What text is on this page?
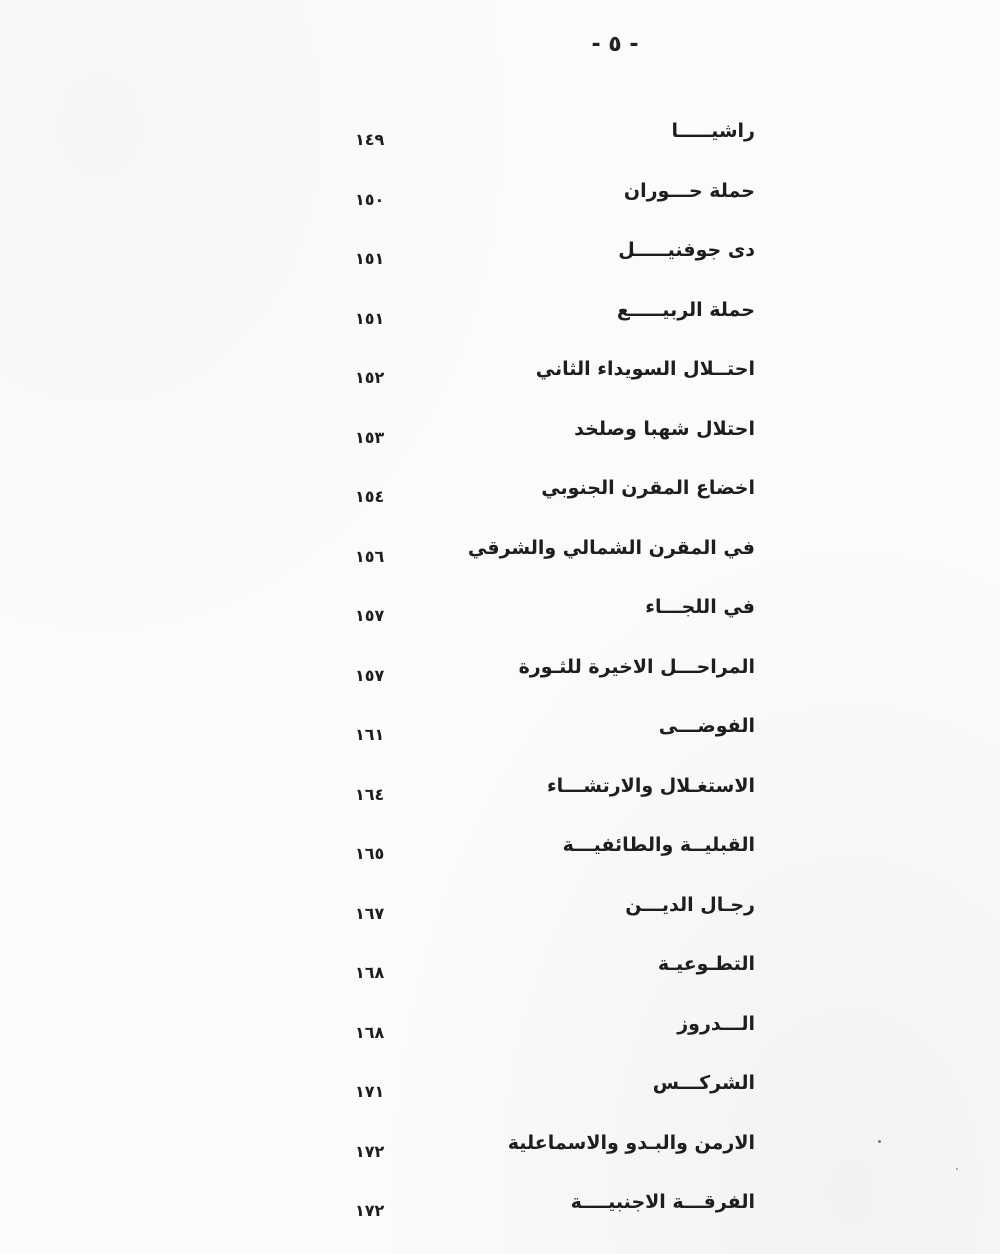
- ٥ -
راشيـــــا
١٤٩
حملة حـــوران
١٥٠
دى جوفنيـــــل
١٥١
حملة الربيـــــع
١٥١
احتــلال السويداء الثاني
١٥٢
احتلال شهبا وصلخد
١٥٣
اخضاع المقرن الجنوبي
١٥٤
في المقرن الشمالي والشرقي
١٥٦
في اللجـــاء
١٥٧
المراحـــل الاخيرة للثـورة
١٥٧
الفوضـــى
١٦١
الاستغـلال والارتشـــاء
١٦٤
القبليــة والطائفيـــة
١٦٥
رجـال الديـــن
١٦٧
التطـوعيـة
١٦٨
الـــدروز
١٦٨
الشركـــس
١٧١
الارمن والبـدو والاسماعلية
١٧٢
الفرقـــة الاجنبيــــة
١٧٢
